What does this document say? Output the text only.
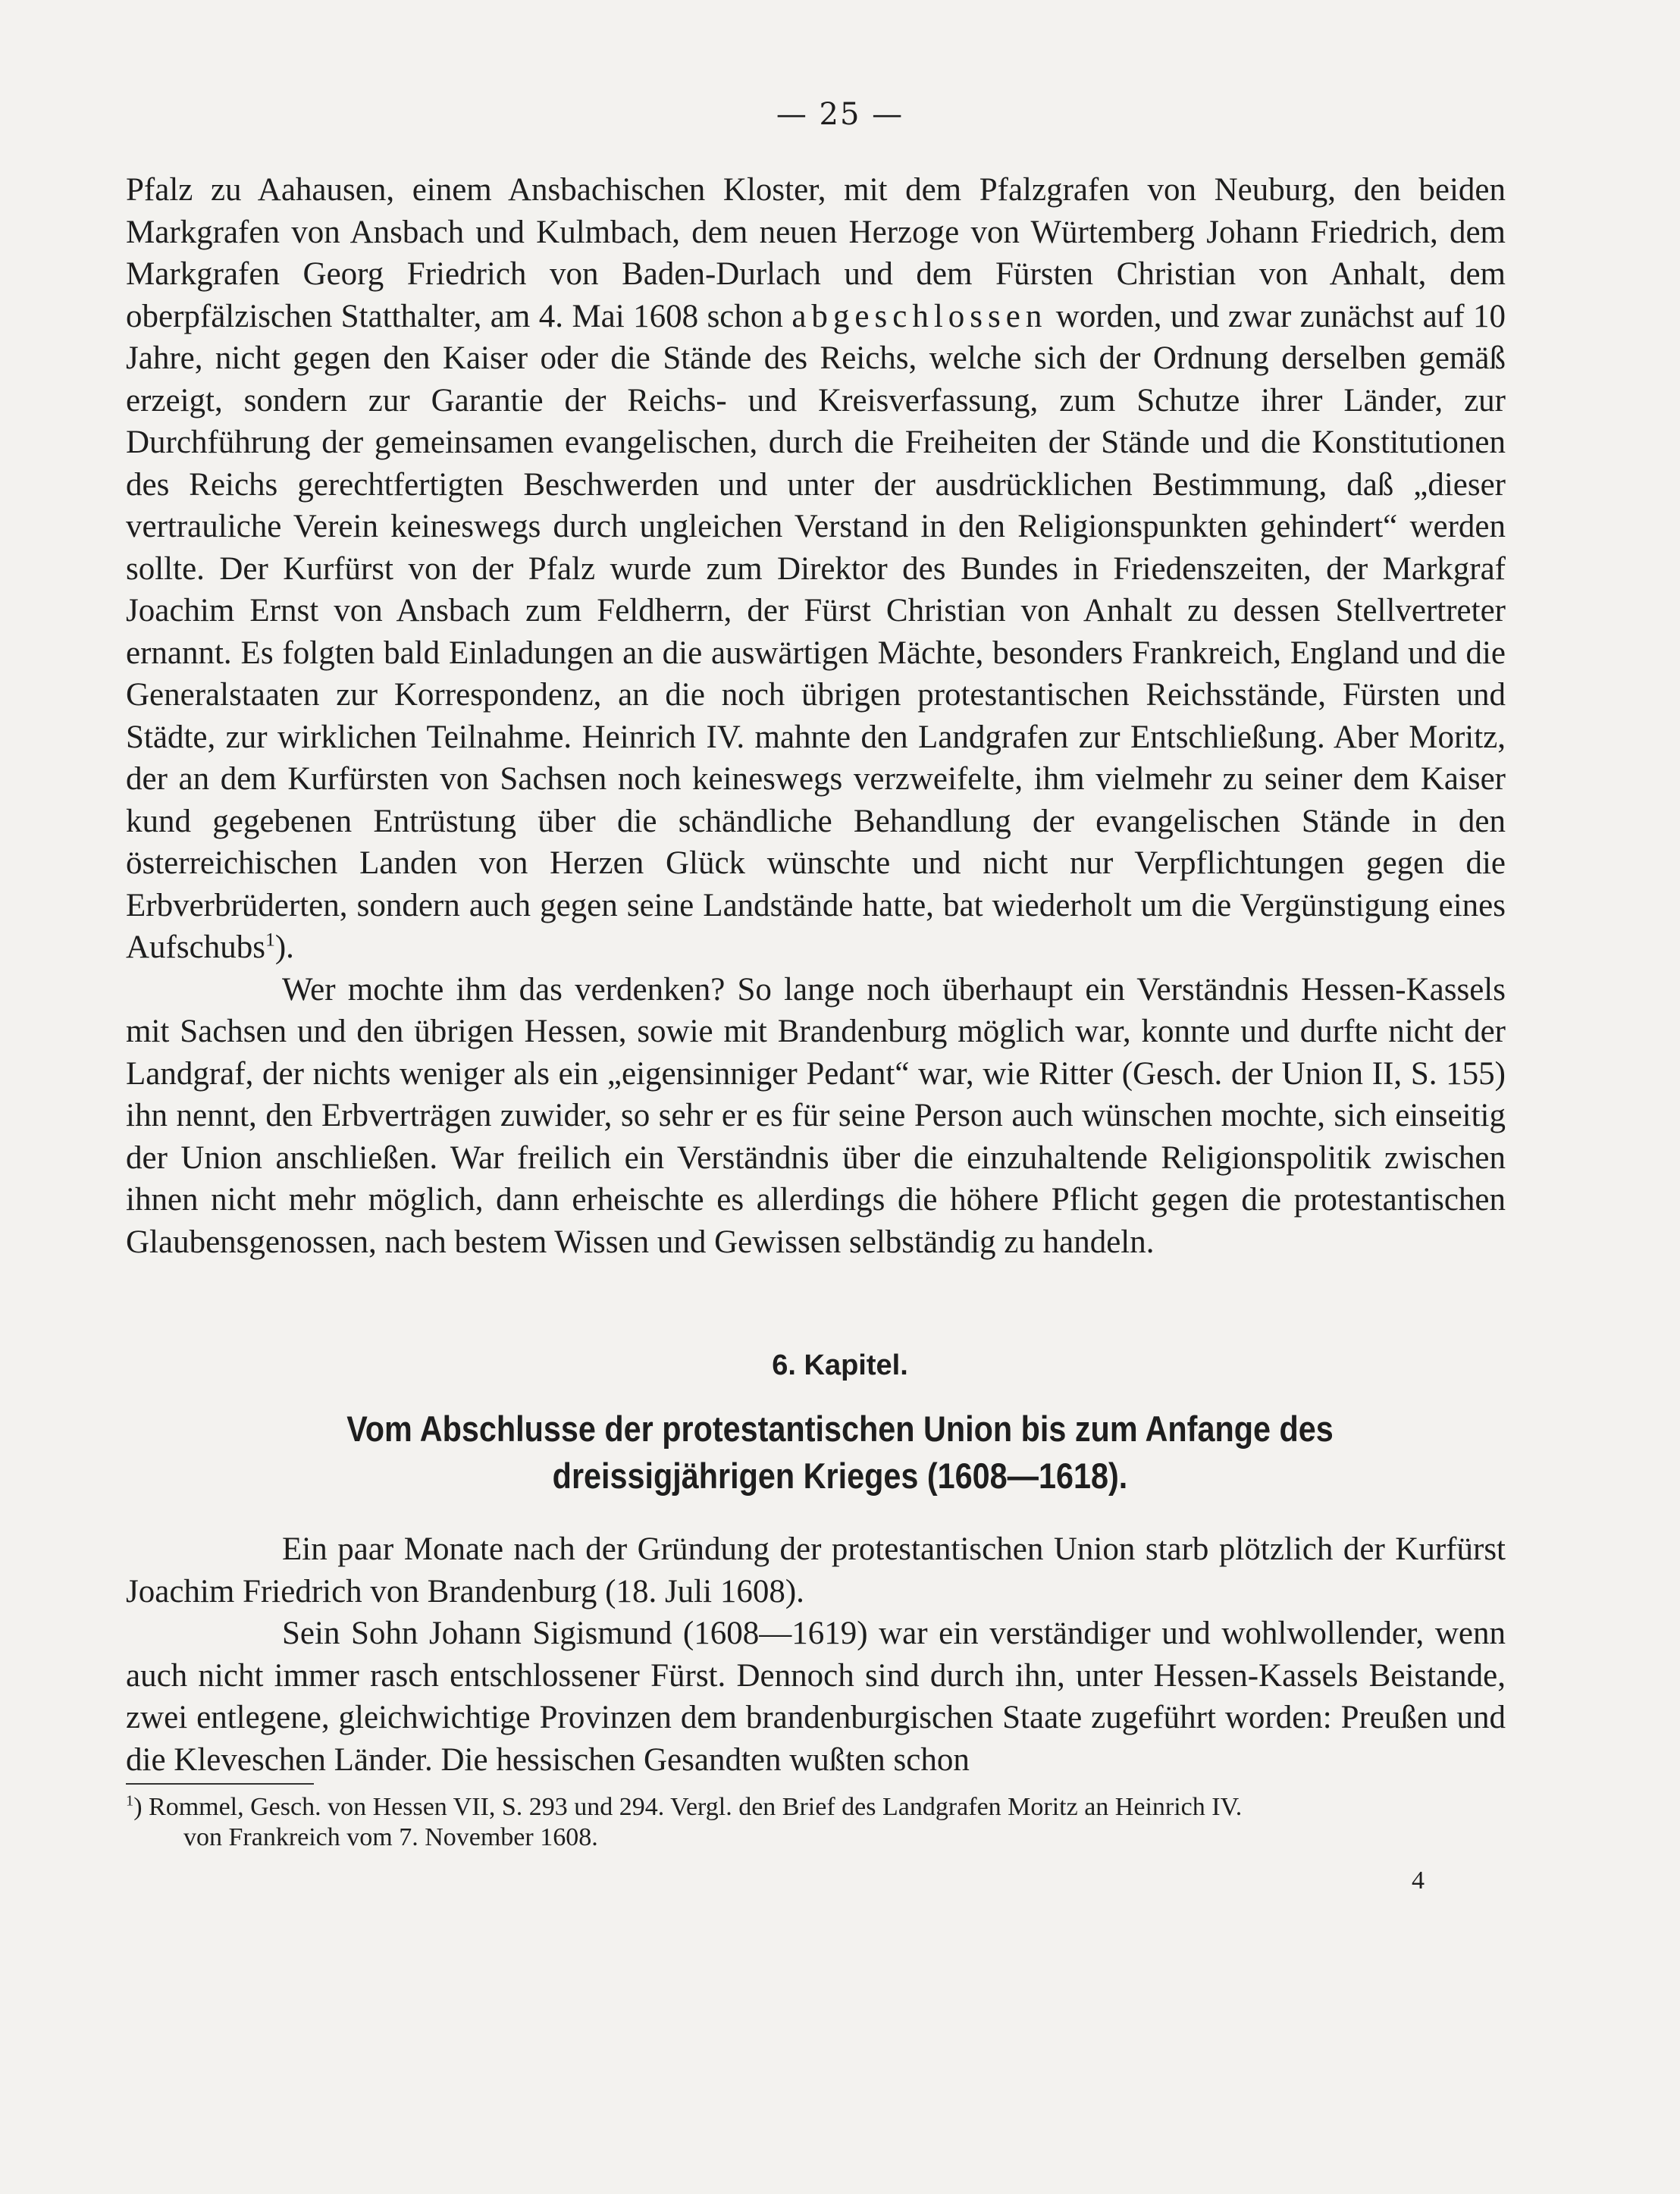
— 25 —

Pfalz zu Aahausen, einem Ansbachischen Kloster, mit dem Pfalzgrafen von Neuburg, den beiden Markgrafen von Ansbach und Kulmbach, dem neuen Herzoge von Würtemberg Johann Friedrich, dem Markgrafen Georg Friedrich von Baden-Durlach und dem Fürsten Christian von Anhalt, dem oberpfälzischen Statthalter, am 4. Mai 1608 schon abgeschlossen worden, und zwar zunächst auf 10 Jahre, nicht gegen den Kaiser oder die Stände des Reichs, welche sich der Ordnung derselben gemäß erzeigt, sondern zur Garantie der Reichs- und Kreisverfassung, zum Schutze ihrer Länder, zur Durchführung der gemeinsamen evangelischen, durch die Freiheiten der Stände und die Konstitutionen des Reichs gerechtfertigten Beschwerden und unter der ausdrücklichen Bestimmung, daß „dieser vertrauliche Verein keineswegs durch ungleichen Verstand in den Religionspunkten gehindert“ werden sollte. Der Kurfürst von der Pfalz wurde zum Direktor des Bundes in Friedenszeiten, der Markgraf Joachim Ernst von Ansbach zum Feldherrn, der Fürst Christian von Anhalt zu dessen Stellvertreter ernannt. Es folgten bald Einladungen an die auswärtigen Mächte, besonders Frankreich, England und die Generalstaaten zur Korrespondenz, an die noch übrigen protestantischen Reichsstände, Fürsten und Städte, zur wirklichen Teilnahme. Heinrich IV. mahnte den Landgrafen zur Entschließung. Aber Moritz, der an dem Kurfürsten von Sachsen noch keineswegs verzweifelte, ihm vielmehr zu seiner dem Kaiser kund gegebenen Entrüstung über die schändliche Behandlung der evangelischen Stände in den österreichischen Landen von Herzen Glück wünschte und nicht nur Verpflichtungen gegen die Erbverbrüderten, sondern auch gegen seine Landstände hatte, bat wiederholt um die Vergünstigung eines Aufschubs$^1$).

Wer mochte ihm das verdenken? So lange noch überhaupt ein Verständnis Hessen-Kassels mit Sachsen und den übrigen Hessen, sowie mit Brandenburg möglich war, konnte und durfte nicht der Landgraf, der nichts weniger als ein „eigensinniger Pedant“ war, wie Ritter (Gesch. der Union II, S. 155) ihn nennt, den Erbverträgen zuwider, so sehr er es für seine Person auch wünschen mochte, sich einseitig der Union anschließen. War freilich ein Verständnis über die einzuhaltende Religionspolitik zwischen ihnen nicht mehr möglich, dann erheischte es allerdings die höhere Pflicht gegen die protestantischen Glaubensgenossen, nach bestem Wissen und Gewissen selbständig zu handeln.

6. Kapitel.
Vom Abschlusse der protestantischen Union bis zum Anfange des dreissigjährigen Krieges (1608—1618).

Ein paar Monate nach der Gründung der protestantischen Union starb plötzlich der Kurfürst Joachim Friedrich von Brandenburg (18. Juli 1608).

Sein Sohn Johann Sigismund (1608—1619) war ein verständiger und wohlwollender, wenn auch nicht immer rasch entschlossener Fürst. Dennoch sind durch ihn, unter Hessen-Kassels Beistande, zwei entlegene, gleichwichtige Provinzen dem brandenburgischen Staate zugeführt worden: Preußen und die Kleveschen Länder. Die hessischen Gesandten wußten schon

$^1$) Rommel, Gesch. von Hessen VII, S. 293 und 294. Vergl. den Brief des Landgrafen Moritz an Heinrich IV.
von Frankreich vom 7. November 1608.
4
